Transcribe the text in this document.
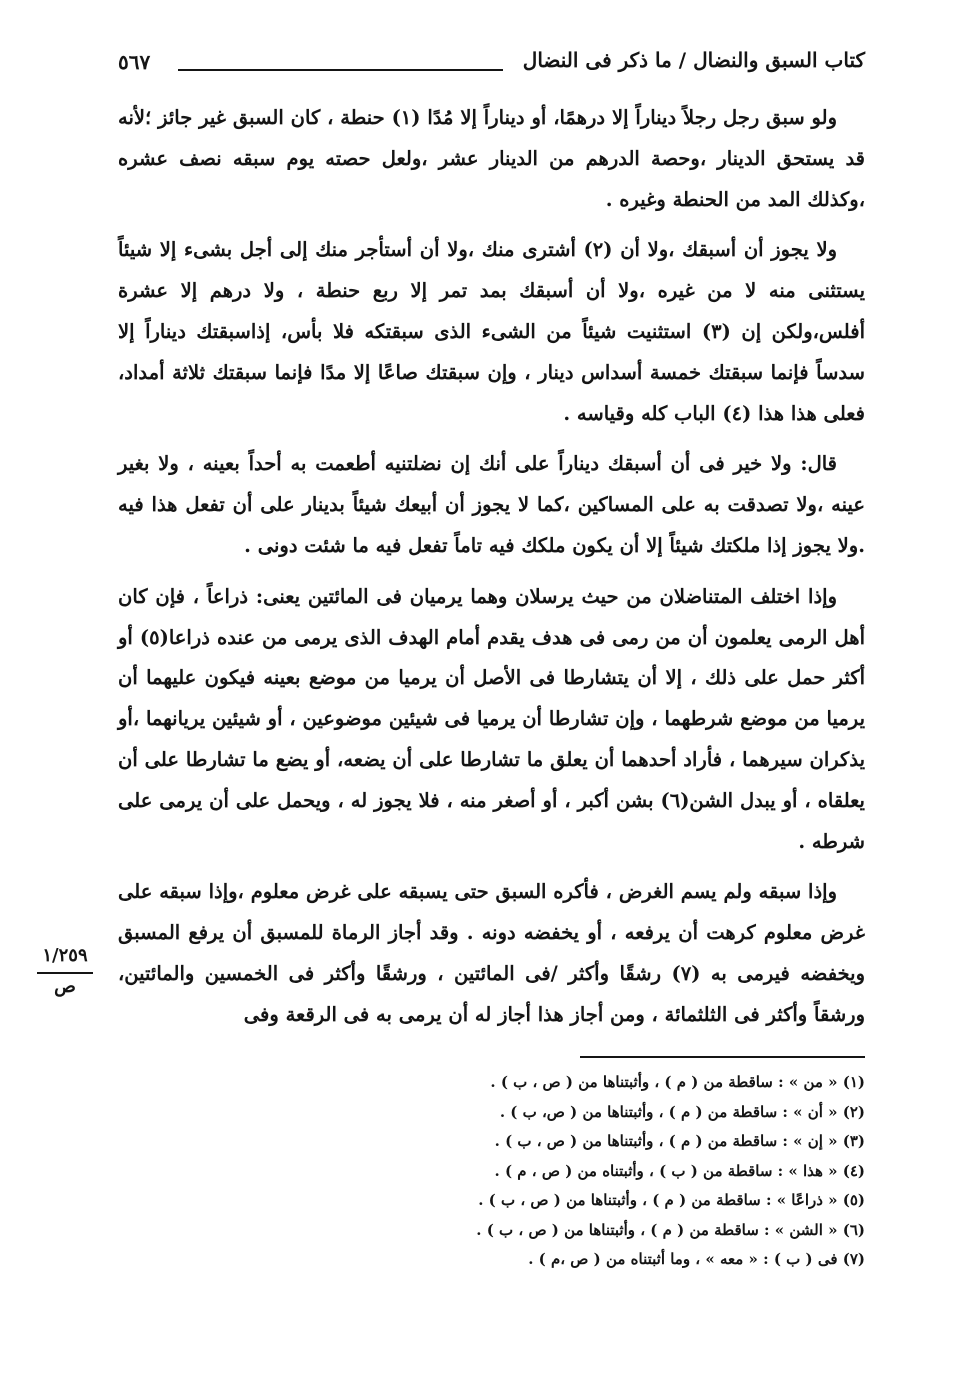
٥٦٧	كتاب السبق والنضال / ما ذكر فى النضال

ولو سبق رجل رجلاً ديناراً إلا درهمًا، أو ديناراً إلا مُدًا (١) حنطة ، كان السبق غير جائز ؛لأنه قد يستحق الدينار ،وحصة الدرهم من الدينار عشر ،ولعل حصته يوم سبقه نصف عشره ،وكذلك المد من الحنطة وغيره .

ولا يجوز أن أسبقك ،ولا أن (٢) أشترى منك ،ولا أن أستأجر منك إلى أجل بشىء إلا شيئاً يستثنى منه لا من غيره ،ولا أن أسبقك بمد تمر إلا ربع حنطة ، ولا درهم إلا عشرة أفلس،ولكن إن (٣) استثنيت شيئاً من الشىء الذى سبقتكه فلا بأس، إذاسبقتك ديناراً إلا سدساً فإنما سبقتك خمسة أسداس دينار ، وإن سبقتك صاعًا إلا مدًا فإنما سبقتك ثلاثة أمداد، فعلى هذا هذا (٤) الباب كله وقياسه .

قال: ولا خير فى أن أسبقك ديناراً على أنك إن نضلتنيه أطعمت به أحداً بعينه ، ولا بغير عينه ،ولا تصدقت به على المساكين ،كما لا يجوز أن أبيعك شيئاً بدينار على أن تفعل هذا فيه .ولا يجوز إذا ملكتك شيئاً إلا أن يكون ملكك فيه تاماً تفعل فيه ما شئت دونى .

وإذا اختلف المتناضلان من حيث يرسلان وهما يرميان فى المائتين يعنى: ذراعاً ، فإن كان أهل الرمى يعلمون أن من رمى فى هدف يقدم أمام الهدف الذى يرمى من عنده ذراعا(٥) أو أكثر حمل على ذلك ، إلا أن يتشارطا فى الأصل أن يرميا من موضع بعينه فيكون عليهما أن يرميا من موضع شرطهما ، وإن تشارطا أن يرميا فى شيئين موضوعين ، أو شيئين يريانهما ،أو يذكران سيرهما ، فأراد أحدهما أن يعلق ما تشارطا على أن يضعه، أو يضع ما تشارطا على أن يعلقاه ، أو يبدل الشن(٦) بشن أكبر ، أو أصغر منه ، فلا يجوز له ، ويحمل على أن يرمى على شرطه .

وإذا سبقه ولم يسم الغرض ، فأكره السبق حتى يسبقه على غرض معلوم ،وإذا سبقه على غرض معلوم كرهت أن يرفعه ، أو يخفضه دونه . وقد أجاز الرماة للمسبق أن يرفع المسبق ويخفضه فيرمى به (٧) رشقًا وأكثر /فى المائتين ، ورشقًا وأكثر فى الخمسين والمائتين، ورشقاً وأكثر فى الثلثمائة ، ومن أجاز هذا أجاز له أن يرمى به فى الرقعة وفى

١/٢٥٩
ص
(١) « من » : ساقطة من ( م ) ، وأثبتناها من ( ص ، ب ) .
(٢) « أن » : ساقطة من ( م ) ، وأثبتناها من ( ص، ب ) .
(٣) « إن » : ساقطة من ( م ) ، وأثبتناها من ( ص ، ب ) .
(٤) « هذا » : ساقطة من ( ب ) ، وأثبتناه من ( ص ، م ) .
(٥) « ذراعًا » : ساقطة من ( م ) ، وأثبتناها من ( ص ، ب ) .
(٦) « الشن » : ساقطة من ( م ) ، وأثبتناها من ( ص ، ب ) .
(٧) فى ( ب ) : « معه » ، وما أثبتناه من ( ص ،م ) .
